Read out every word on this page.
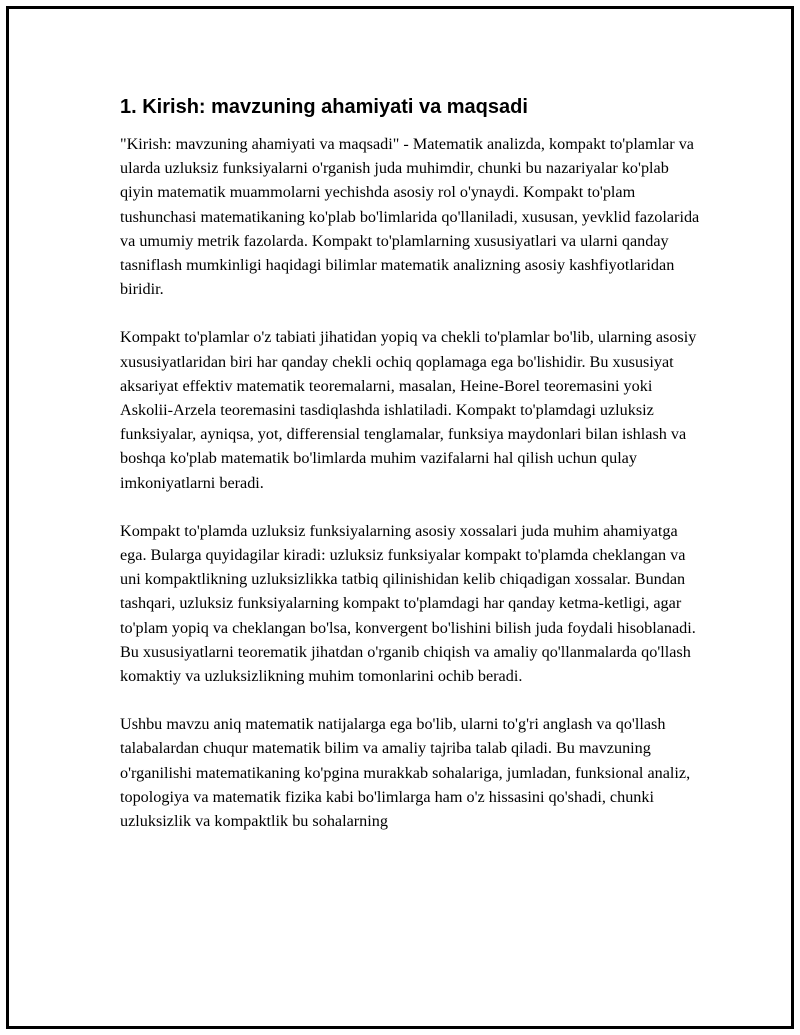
1. Kirish: mavzuning ahamiyati va maqsadi

"Kirish: mavzuning ahamiyati va maqsadi" - Matematik analizda, kompakt to'plamlar va ularda uzluksiz funksiyalarni o'rganish juda muhimdir, chunki bu nazariyalar ko'plab qiyin matematik muammolarni yechishda asosiy rol o'ynaydi. Kompakt to'plam tushunchasi matematikaning ko'plab bo'limlarida qo'llaniladi, xususan, yevklid fazolarida va umumiy metrik fazolarda. Kompakt to'plamlarning xususiyatlari va ularni qanday tasniflash mumkinligi haqidagi bilimlar matematik analizning asosiy kashfiyotlaridan biridir.

Kompakt to'plamlar o'z tabiati jihatidan yopiq va chekli to'plamlar bo'lib, ularning asosiy xususiyatlaridan biri har qanday chekli ochiq qoplamaga ega bo'lishidir. Bu xususiyat aksariyat effektiv matematik teoremalarni, masalan, Heine-Borel teoremasini yoki Askolii-Arzela teoremasini tasdiqlashda ishlatiladi. Kompakt to'plamdagi uzluksiz funksiyalar, ayniqsa, yot, differensial tenglamalar, funksiya maydonlari bilan ishlash va boshqa ko'plab matematik bo'limlarda muhim vazifalarni hal qilish uchun qulay imkoniyatlarni beradi.

Kompakt to'plamda uzluksiz funksiyalarning asosiy xossalari juda muhim ahamiyatga ega. Bularga quyidagilar kiradi: uzluksiz funksiyalar kompakt to'plamda cheklangan va uni kompaktlikning uzluksizlikka tatbiq qilinishidan kelib chiqadigan xossalar. Bundan tashqari, uzluksiz funksiyalarning kompakt to'plamdagi har qanday ketma-ketligi, agar to'plam yopiq va cheklangan bo'lsa, konvergent bo'lishini bilish juda foydali hisoblanadi. Bu xususiyatlarni teorematik jihatdan o'rganib chiqish va amaliy qo'llanmalarda qo'llash komaktiy va uzluksizlikning muhim tomonlarini ochib beradi.

Ushbu mavzu aniq matematik natijalarga ega bo'lib, ularni to'g'ri anglash va qo'llash talabalardan chuqur matematik bilim va amaliy tajriba talab qiladi. Bu mavzuning o'rganilishi matematikaning ko'pgina murakkab sohalariga, jumladan, funksional analiz, topologiya va matematik fizika kabi bo'limlarga ham o'z hissasini qo'shadi, chunki uzluksizlik va kompaktlik bu sohalarning
